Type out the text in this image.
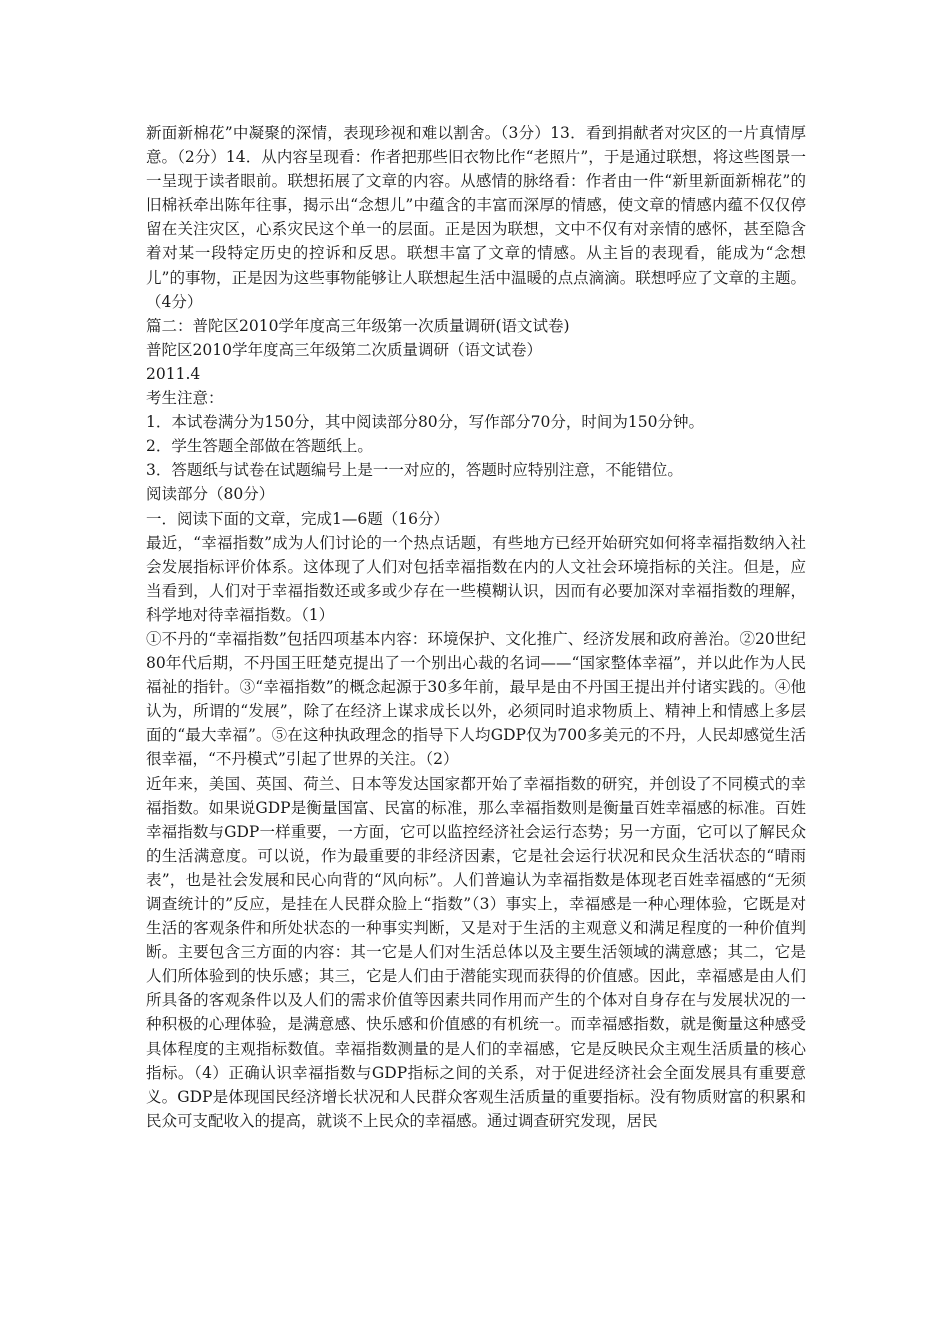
新面新棉花”中凝聚的深情，表现珍视和难以割舍。（3分）13．看到捐献者对灾区的一片真情厚意。（2分）14．从内容呈现看：作者把那些旧衣物比作“老照片”，于是通过联想，将这些图景一一呈现于读者眼前。联想拓展了文章的内容。从感情的脉络看：作者由一件“新里新面新棉花”的旧棉袄牵出陈年往事，揭示出“念想儿”中蕴含的丰富而深厚的情感，使文章的情感内蕴不仅仅停留在关注灾区，心系灾民这个单一的层面。正是因为联想，文中不仅有对亲情的感怀，甚至隐含着对某一段特定历史的控诉和反思。联想丰富了文章的情感。从主旨的表现看，能成为“念想儿”的事物，正是因为这些事物能够让人联想起生活中温暖的点点滴滴。联想呼应了文章的主题。（4分）

篇二：普陀区2010学年度高三年级第一次质量调研(语文试卷)

普陀区2010学年度高三年级第二次质量调研（语文试卷）

2011.4

考生注意：

1．本试卷满分为150分，其中阅读部分80分，写作部分70分，时间为150分钟。

2．学生答题全部做在答题纸上。

3．答题纸与试卷在试题编号上是一一对应的，答题时应特别注意，不能错位。

阅读部分（80分）

一．阅读下面的文章，完成1—6题（16分）

最近，“幸福指数”成为人们讨论的一个热点话题，有些地方已经开始研究如何将幸福指数纳入社会发展指标评价体系。这体现了人们对包括幸福指数在内的人文社会环境指标的关注。但是，应当看到，人们对于幸福指数还或多或少存在一些模糊认识，因而有必要加深对幸福指数的理解，科学地对待幸福指数。（1）

①不丹的“幸福指数”包括四项基本内容：环境保护、文化推广、经济发展和政府善治。②20世纪80年代后期，不丹国王旺楚克提出了一个别出心裁的名词——“国家整体幸福”，并以此作为人民福祉的指针。③“幸福指数”的概念起源于30多年前，最早是由不丹国王提出并付诸实践的。④他认为，所谓的“发展”，除了在经济上谋求成长以外，必须同时追求物质上、精神上和情感上多层面的“最大幸福”。⑤在这种执政理念的指导下人均GDP仅为700多美元的不丹，人民却感觉生活很幸福，“不丹模式”引起了世界的关注。（2）

近年来，美国、英国、荷兰、日本等发达国家都开始了幸福指数的研究，并创设了不同模式的幸福指数。如果说GDP是衡量国富、民富的标准，那么幸福指数则是衡量百姓幸福感的标准。百姓幸福指数与GDP一样重要，一方面，它可以监控经济社会运行态势；另一方面，它可以了解民众的生活满意度。可以说，作为最重要的非经济因素，它是社会运行状况和民众生活状态的“晴雨表”，也是社会发展和民心向背的“风向标”。人们普遍认为幸福指数是体现老百姓幸福感的“无须调查统计的”反应，是挂在人民群众脸上“指数”（3）事实上，幸福感是一种心理体验，它既是对生活的客观条件和所处状态的一种事实判断，又是对于生活的主观意义和满足程度的一种价值判断。主要包含三方面的内容：其一它是人们对生活总体以及主要生活领域的满意感；其二，它是人们所体验到的快乐感；其三，它是人们由于潜能实现而获得的价值感。因此，幸福感是由人们所具备的客观条件以及人们的需求价值等因素共同作用而产生的个体对自身存在与发展状况的一种积极的心理体验，是满意感、快乐感和价值感的有机统一。而幸福感指数，就是衡量这种感受具体程度的主观指标数值。幸福指数测量的是人们的幸福感，它是反映民众主观生活质量的核心指标。（4）正确认识幸福指数与GDP指标之间的关系，对于促进经济社会全面发展具有重要意义。GDP是体现国民经济增长状况和人民群众客观生活质量的重要指标。没有物质财富的积累和民众可支配收入的提高，就谈不上民众的幸福感。通过调查研究发现，居民
